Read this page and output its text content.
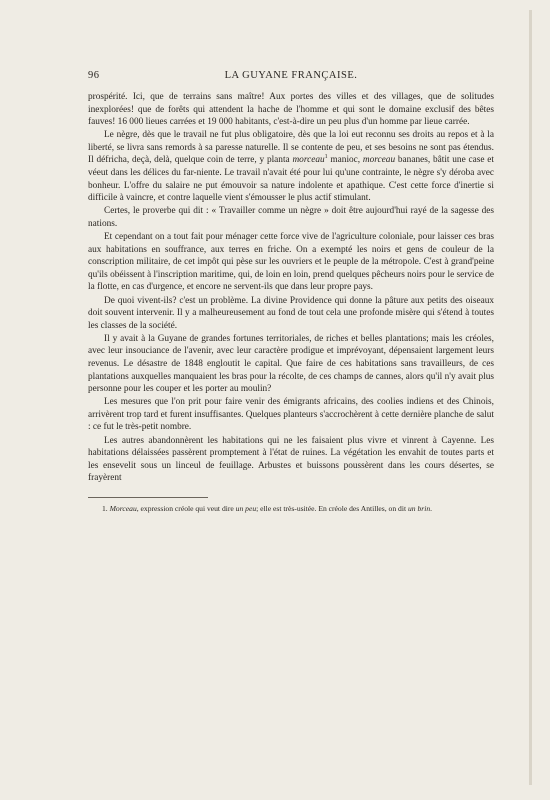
96	LA GUYANE FRANÇAISE.

prospérité. Ici, que de terrains sans maître! Aux portes des villes et des villages, que de solitudes inexplorées! que de forêts qui attendent la hache de l'homme et qui sont le domaine exclusif des bêtes fauves! 16 000 lieues carrées et 19 000 habitants, c'est-à-dire un peu plus d'un homme par lieue carrée.

Le nègre, dès que le travail ne fut plus obligatoire, dès que la loi eut reconnu ses droits au repos et à la liberté, se livra sans remords à sa paresse naturelle. Il se contente de peu, et ses besoins ne sont pas étendus. Il défricha, deçà, delà, quelque coin de terre, y planta morceau$^1$ manioc, morceau bananes, bâtit une case et véeut dans les délices du far-niente. Le travail n'avait été pour lui qu'une contrainte, le nègre s'y déroba avec bonheur. L'offre du salaire ne put émouvoir sa nature indolente et apathique. C'est cette force d'inertie si difficile à vaincre, et contre laquelle vient s'émousser le plus actif stimulant.

Certes, le proverbe qui dit : « Travailler comme un nègre » doit être aujourd'hui rayé de la sagesse des nations.

Et cependant on a tout fait pour ménager cette force vive de l'agriculture coloniale, pour laisser ces bras aux habitations en souffrance, aux terres en friche. On a exempté les noirs et gens de couleur de la conscription militaire, de cet impôt qui pèse sur les ouvriers et le peuple de la métropole. C'est à grand'peine qu'ils obéissent à l'inscription maritime, qui, de loin en loin, prend quelques pêcheurs noirs pour le service de la flotte, en cas d'urgence, et encore ne servent-ils que dans leur propre pays.

De quoi vivent-ils? c'est un problème. La divine Providence qui donne la pâture aux petits des oiseaux doit souvent intervenir. Il y a malheureusement au fond de tout cela une profonde misère qui s'étend à toutes les classes de la société.

Il y avait à la Guyane de grandes fortunes territoriales, de riches et belles plantations; mais les créoles, avec leur insouciance de l'avenir, avec leur caractère prodigue et imprévoyant, dépensaient largement leurs revenus. Le désastre de 1848 engloutit le capital. Que faire de ces habitations sans travailleurs, de ces plantations auxquelles manquaient les bras pour la récolte, de ces champs de cannes, alors qu'il n'y avait plus personne pour les couper et les porter au moulin?

Les mesures que l'on prit pour faire venir des émigrants africains, des coolies indiens et des Chinois, arrivèrent trop tard et furent insuffisantes. Quelques planteurs s'accrochèrent à cette dernière planche de salut : ce fut le très-petit nombre.

Les autres abandonnèrent les habitations qui ne les faisaient plus vivre et vinrent à Cayenne. Les habitations délaissées passèrent promptement à l'état de ruines. La végétation les envahit de toutes parts et les ensevelit sous un linceul de feuillage. Arbustes et buissons poussèrent dans les cours désertes, se frayèrent

1. Morceau, expression créole qui veut dire un peu; elle est très-usitée. En créole des Antilles, on dit un brin.
